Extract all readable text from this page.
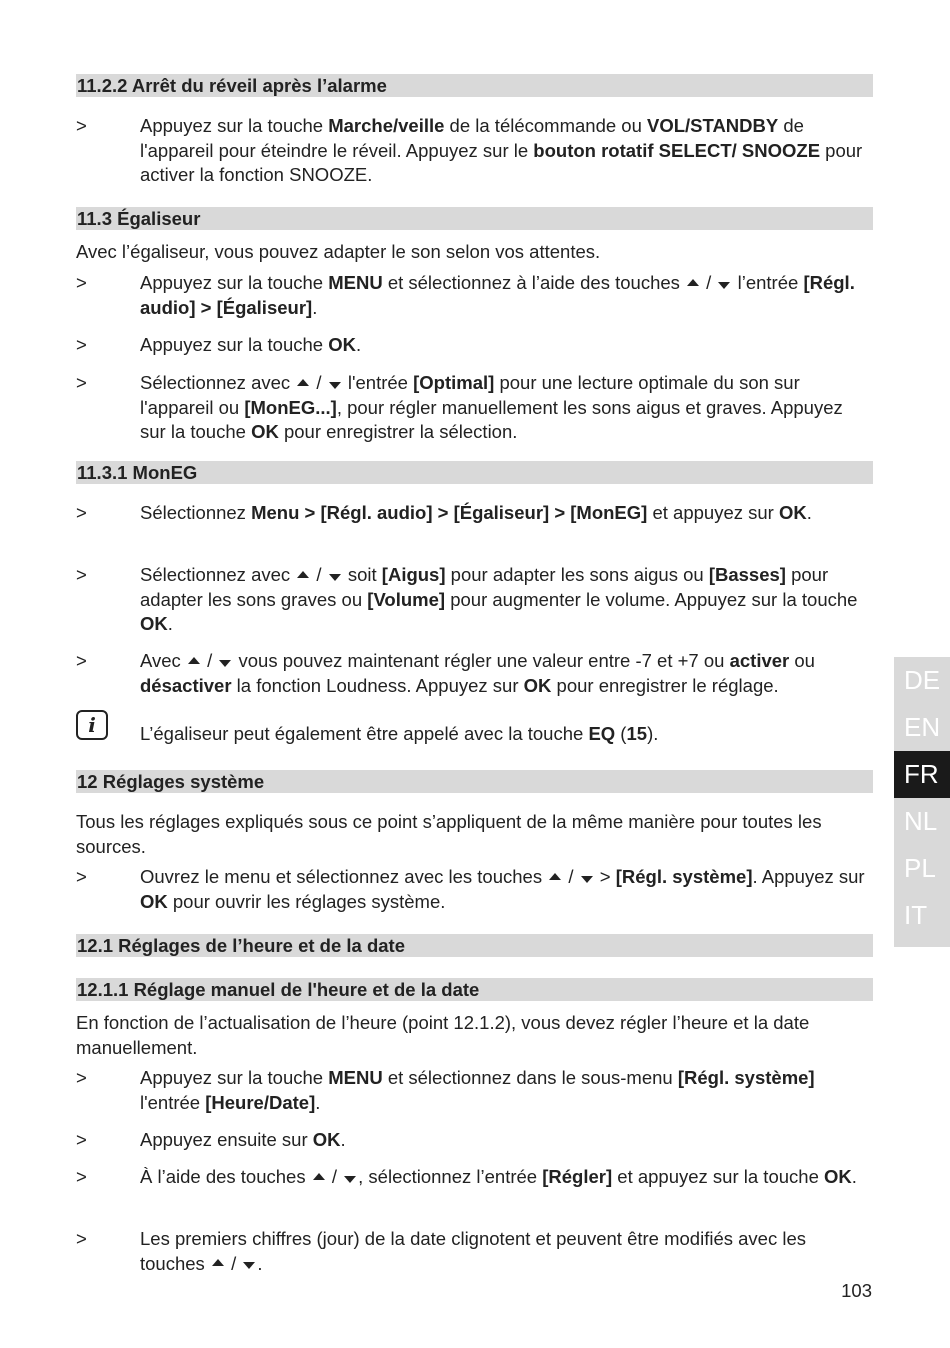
11.2.2 Arrêt du réveil après l’alarme
>	Appuyez sur la touche Marche/veille de la télécommande ou VOL/STANDBY de l'appareil pour éteindre le réveil. Appuyez sur le bouton rotatif SELECT/ SNOOZE pour activer la fonction SNOOZE.
11.3 Égaliseur
Avec l’égaliseur, vous pouvez adapter le son selon vos attentes.
>	Appuyez sur la touche MENU et sélectionnez à l’aide des touches  /  l’entrée [Régl. audio] > [Égaliseur].
>	Appuyez sur la touche OK.
>	Sélectionnez avec  /  l'entrée [Optimal] pour une lecture optimale du son sur l'appareil ou [MonEG...], pour régler manuellement les sons aigus et graves. Appuyez sur la touche OK pour enregistrer la sélection.
11.3.1 MonEG
>	Sélectionnez Menu > [Régl. audio] > [Égaliseur] > [MonEG] et appuyez sur OK.
>	Sélectionnez avec  /  soit [Aigus] pour adapter les sons aigus ou [Basses] pour adapter les sons graves ou [Volume] pour augmenter le volume. Appuyez sur la touche OK.
>	Avec  /  vous pouvez maintenant régler une valeur entre -7 et +7 ou activer ou désactiver la fonction Loudness. Appuyez sur OK pour enregistrer le réglage.
i	L’égaliseur peut également être appelé avec la touche EQ (15).
12 Réglages système
Tous les réglages expliqués sous ce point s’appliquent de la même manière pour toutes les sources.
>	Ouvrez le menu et sélectionnez avec les touches  /  > [Régl. système]. Appuyez sur OK pour ouvrir les réglages système.
12.1 Réglages de l’heure et de la date
12.1.1 Réglage manuel de l'heure et de la date
En fonction de l’actualisation de l’heure (point 12.1.2), vous devez régler l’heure et la date manuellement.
>	Appuyez sur la touche MENU et sélectionnez dans le sous-menu [Régl. système] l'entrée [Heure/Date].
>	Appuyez ensuite sur OK.
>	À l’aide des touches  / , sélectionnez l’entrée [Régler] et appuyez sur la touche OK.
>	Les premiers chiffres (jour) de la date clignotent et peuvent être modifiés avec les touches  / .
DE
EN
FR
NL
PL
IT
103
